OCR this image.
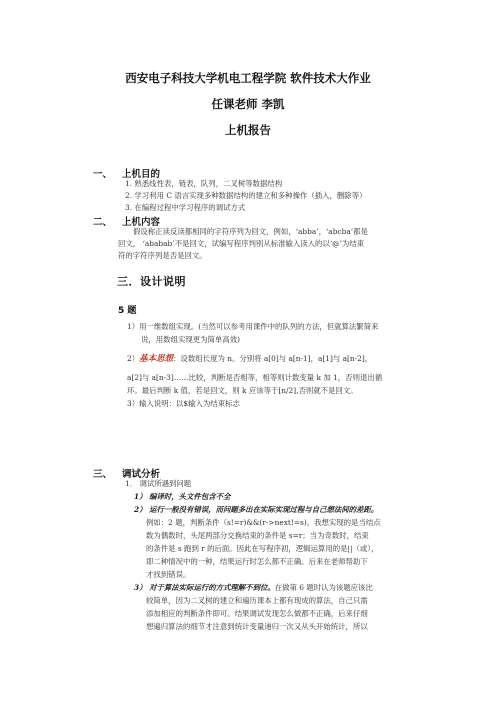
西安电子科技大学机电工程学院 软件技术大作业
任课老师 李凯
上机报告
一、 上机目的
1. 熟悉线性表，链表，队列，二叉树等数据结构
2. 学习利用 C 语言实现多种数据结构的建立和多种操作（插入，删除等）
3. 在编程过程中学习程序的调试方式
二、 上机内容
假设称正读反读都相同的字符序列为回文，例如，‘abba’，‘abcba’都是
回文， ‘ababab’不是回文，试编写程序判别从标准输入读入的以‘@’为结束
符的字符序列是否是回文。
三．设计说明
5 题
1）用一维数组实现。(当然可以参考用课件中的队列的方法，但就算法繁简来
说，用数组实现更为简单高效)
2）基本思想：设数组长度为 n。分别将 a[0]与 a[n-1]，a[1]与 a[n-2]，
a[2]与 a[n-3]……比较，判断是否相等，相等则计数变量 k 加 1，否则退出循
环。最后判断 k 值，若是回文，则 k 应该等于[n/2],否则就不是回文。
3）输入说明：以$输入为结束标志
三、 调试分析
1． 调试所遇到问题
1） 编译时，头文件包含不全
2） 运行一般没有错误，而问题多出在实际实现过程与自己想法间的差距。
例如：2 题，判断条件（s!=r)&&(r->next!=s)。我想实现的是当结点
数为偶数时，头尾两部分交换结束的条件是 s=r；当为奇数时，结束
的条件是 s 跑到 r 的后面。因此在写程序初，逻辑运算用的是||（或），
即二种情况中的一种，结果运行时怎么都不正确。后来在老师帮助下
才找到错误。
3） 对于算法实际运行的方式理解不到位。在做第 6 题时认为该题应该比
较简单，因为二叉树的建立和遍历课本上都有现成的算法，自己只需
添加相应的判断条件即可。结果调试发现怎么做都不正确，后来仔细
想遍归算法的细节才注意到统计变量递归一次又从头开始统计，所以
